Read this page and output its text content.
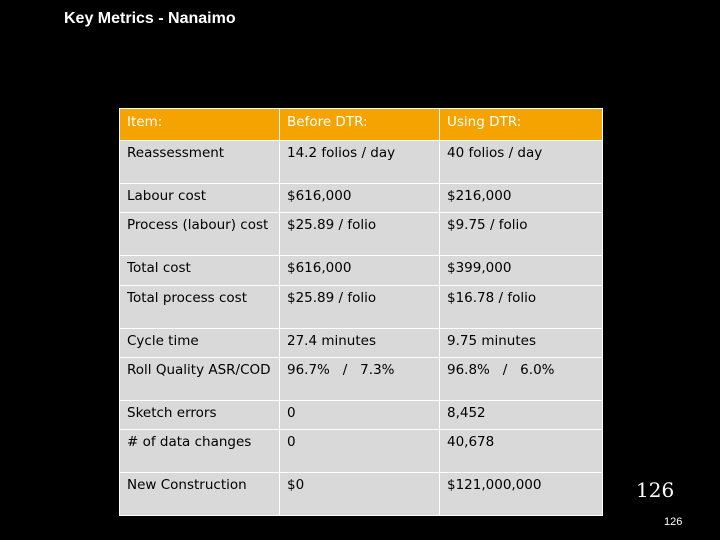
Key Metrics - Nanaimo
Item:	Before DTR:	Using DTR:
Reassessment	14.2 folios / day	40 folios / day
Labour cost	$616,000	$216,000
Process (labour) cost	$25.89 / folio	$9.75 / folio
Total cost	$616,000	$399,000
Total process cost	$25.89 / folio	$16.78 / folio
Cycle time	27.4 minutes	9.75 minutes
Roll Quality ASR/COD	96.7%   /   7.3%	96.8%   /   6.0%
Sketch errors	0	8,452
# of data changes	0	40,678
New Construction	$0	$121,000,000	126
126
